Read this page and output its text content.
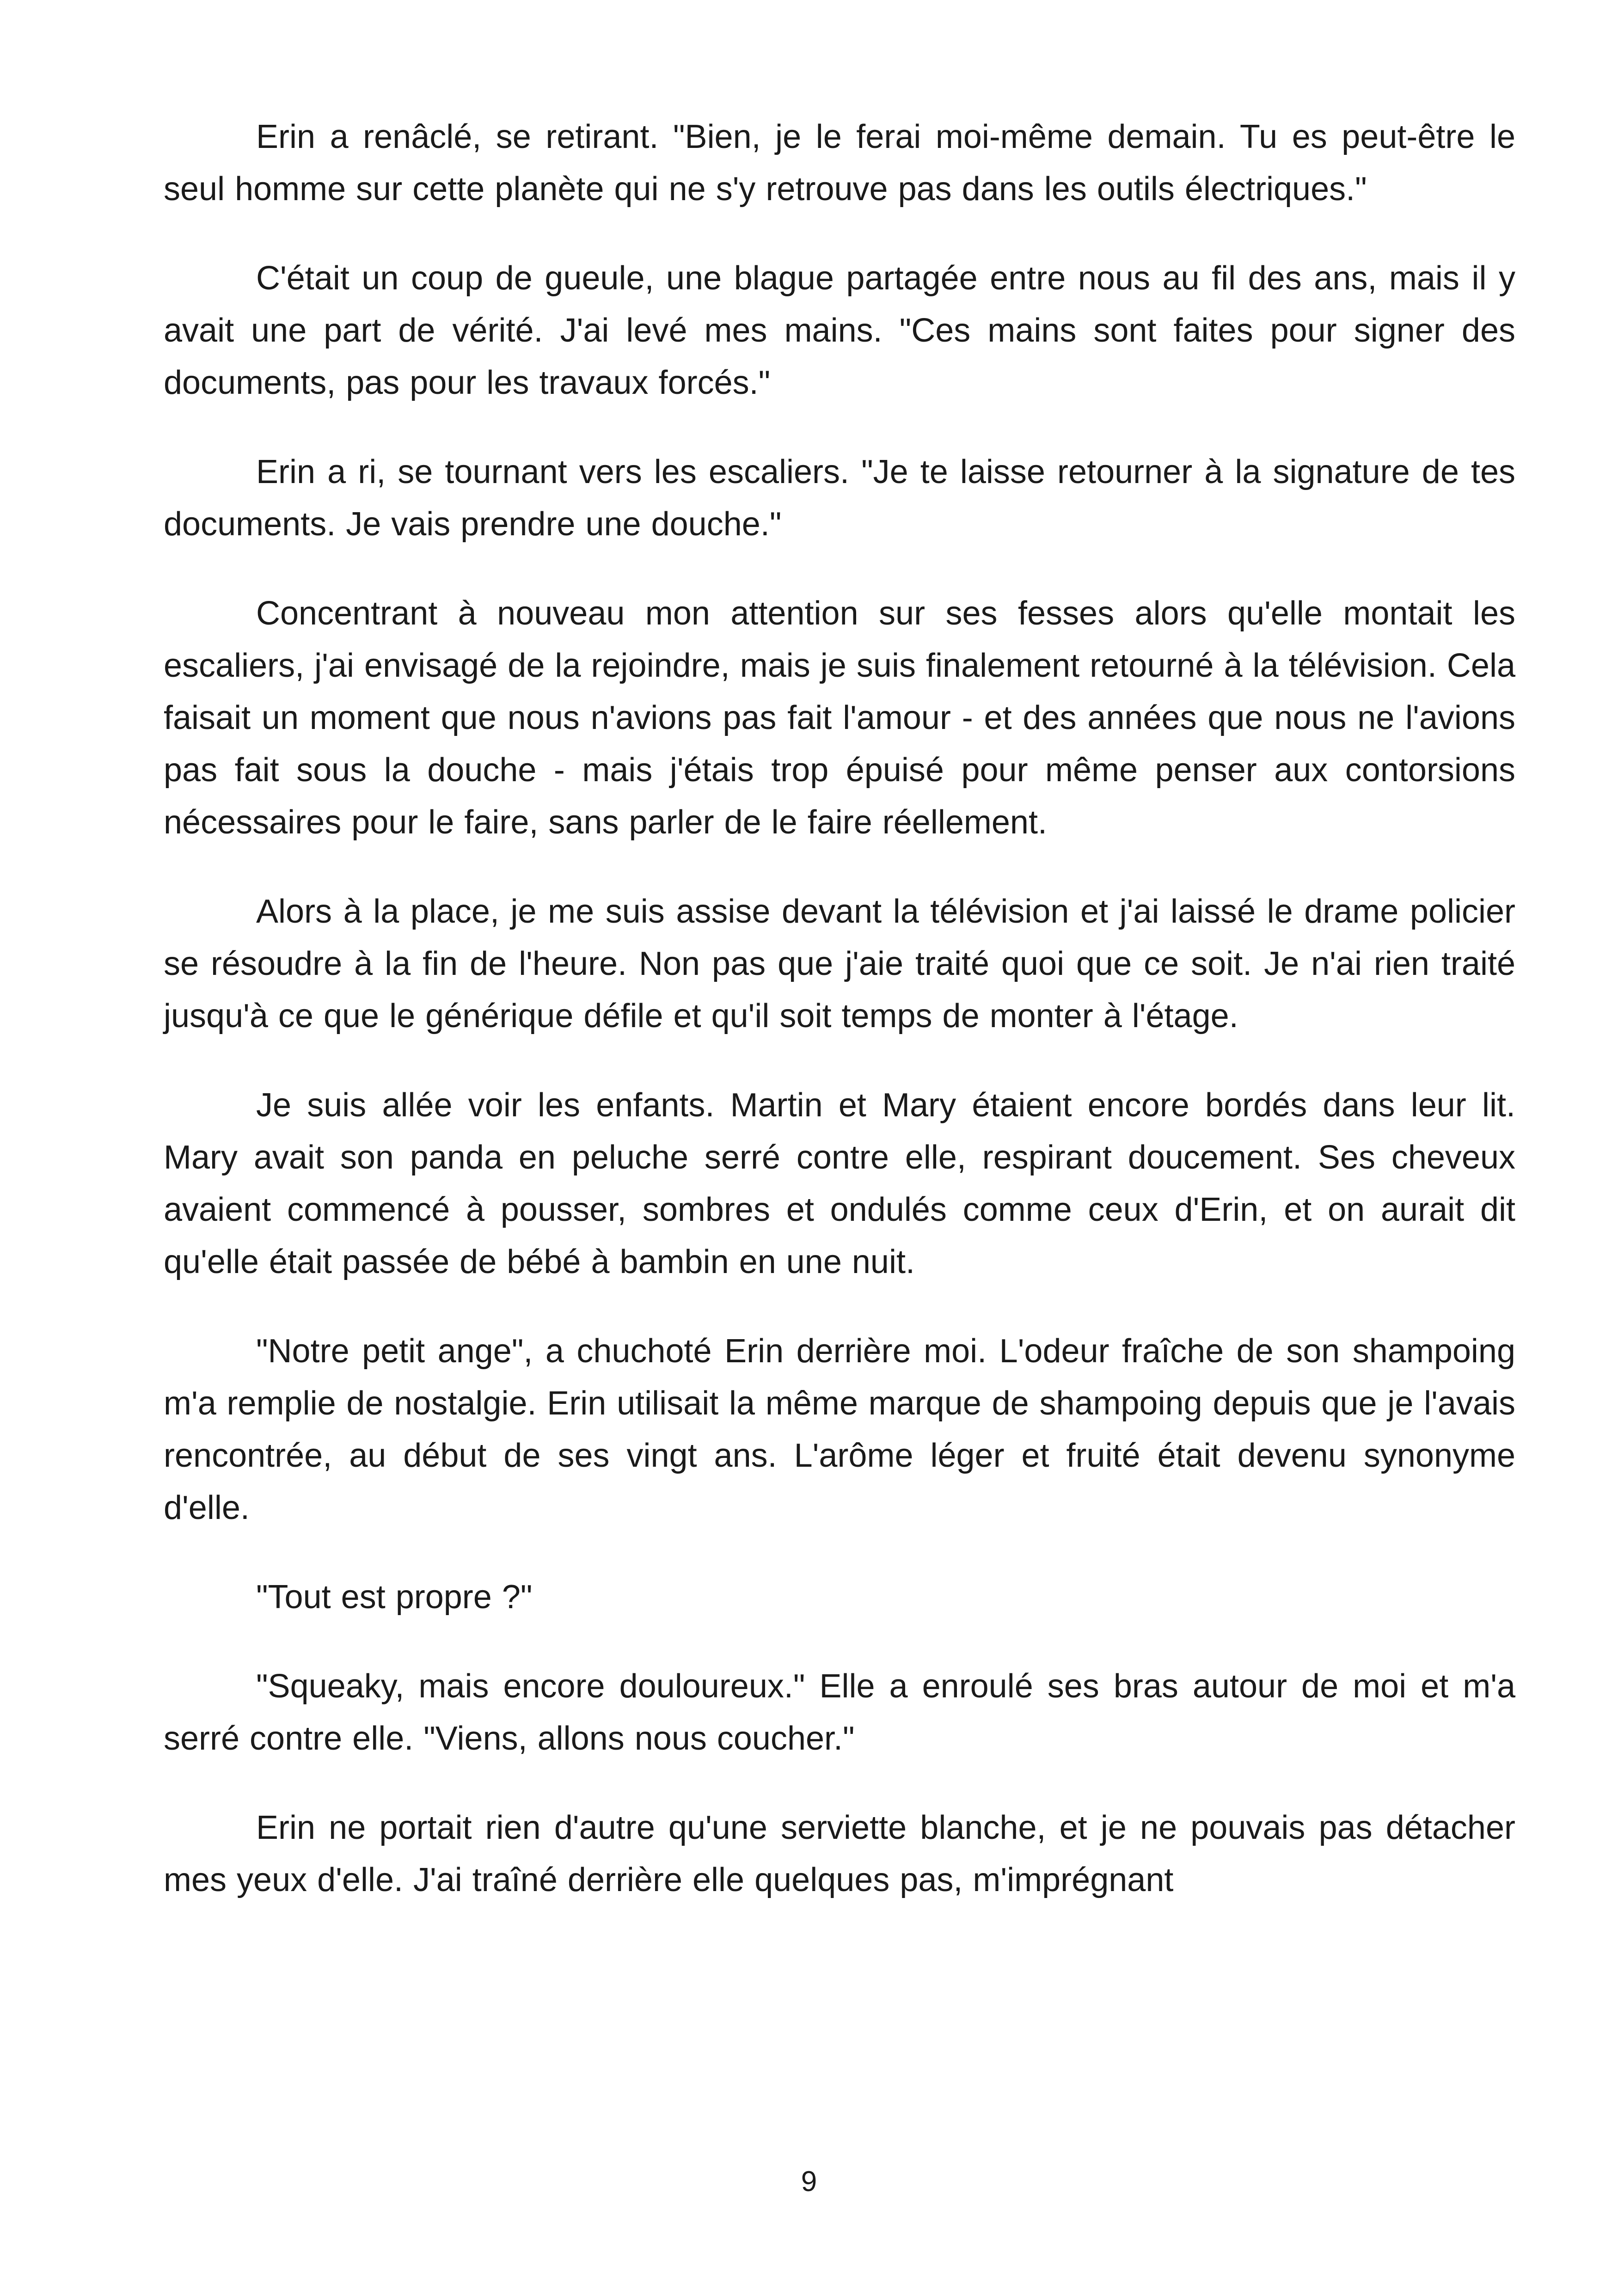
Erin a renâclé, se retirant. "Bien, je le ferai moi-même demain. Tu es peut-être le seul homme sur cette planète qui ne s'y retrouve pas dans les outils électriques."

C'était un coup de gueule, une blague partagée entre nous au fil des ans, mais il y avait une part de vérité. J'ai levé mes mains. "Ces mains sont faites pour signer des documents, pas pour les travaux forcés."

Erin a ri, se tournant vers les escaliers. "Je te laisse retourner à la signature de tes documents. Je vais prendre une douche."

Concentrant à nouveau mon attention sur ses fesses alors qu'elle montait les escaliers, j'ai envisagé de la rejoindre, mais je suis finalement retourné à la télévision. Cela faisait un moment que nous n'avions pas fait l'amour - et des années que nous ne l'avions pas fait sous la douche - mais j'étais trop épuisé pour même penser aux contorsions nécessaires pour le faire, sans parler de le faire réellement.

Alors à la place, je me suis assise devant la télévision et j'ai laissé le drame policier se résoudre à la fin de l'heure. Non pas que j'aie traité quoi que ce soit. Je n'ai rien traité jusqu'à ce que le générique défile et qu'il soit temps de monter à l'étage.

Je suis allée voir les enfants. Martin et Mary étaient encore bordés dans leur lit. Mary avait son panda en peluche serré contre elle, respirant doucement. Ses cheveux avaient commencé à pousser, sombres et ondulés comme ceux d'Erin, et on aurait dit qu'elle était passée de bébé à bambin en une nuit.

"Notre petit ange", a chuchoté Erin derrière moi. L'odeur fraîche de son shampoing m'a remplie de nostalgie. Erin utilisait la même marque de shampoing depuis que je l'avais rencontrée, au début de ses vingt ans. L'arôme léger et fruité était devenu synonyme d'elle.

"Tout est propre ?"

"Squeaky, mais encore douloureux." Elle a enroulé ses bras autour de moi et m'a serré contre elle. "Viens, allons nous coucher."

Erin ne portait rien d'autre qu'une serviette blanche, et je ne pouvais pas détacher mes yeux d'elle. J'ai traîné derrière elle quelques pas, m'imprégnant

9
